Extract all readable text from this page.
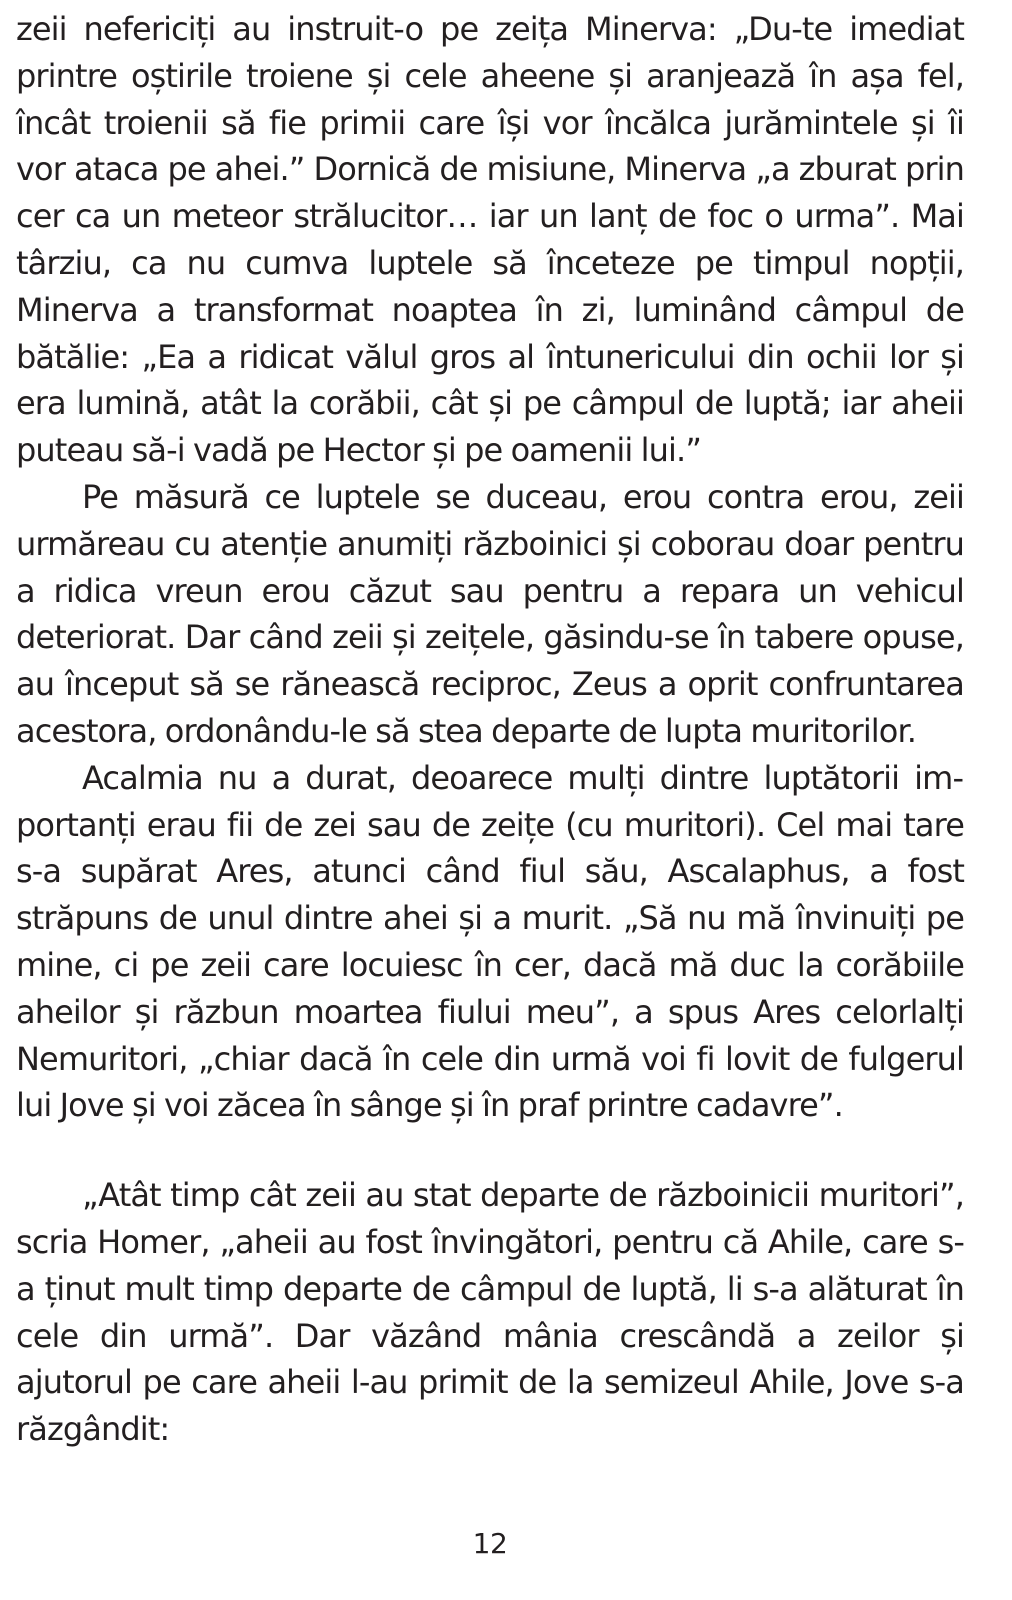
zeii nefericiți au instruit-o pe zeița Minerva: „Du-te imediat printre oștirile troiene și cele aheene și aranjează în așa fel, încât troienii să fie primii care își vor încălca jurămintele și îi vor ataca pe ahei.” Dornică de misiune, Minerva „a zburat prin cer ca un meteor strălucitor… iar un lanț de foc o urma”. Mai târziu, ca nu cumva luptele să înceteze pe timpul nopții, Minerva a transformat noaptea în zi, luminând câmpul de bătălie: „Ea a ridicat vălul gros al întunericului din ochii lor și era lumină, atât la corăbii, cât și pe câmpul de luptă; iar aheii puteau să-i vadă pe Hector și pe oamenii lui.”

Pe măsură ce luptele se duceau, erou contra erou, zeii urmăreau cu atenție anumiți războinici și coborau doar pentru a ridica vreun erou căzut sau pentru a repara un vehicul deteriorat. Dar când zeii și zeițele, găsindu-se în tabere opuse, au început să se rănească reciproc, Zeus a oprit confruntarea acestora, ordonându-le să stea departe de lupta muritorilor.

Acalmia nu a durat, deoarece mulți dintre luptătorii importanți erau fii de zei sau de zeițe (cu muritori). Cel mai tare s-a supărat Ares, atunci când fiul său, Ascalaphus, a fost străpuns de unul dintre ahei și a murit. „Să nu mă învinuiți pe mine, ci pe zeii care locuiesc în cer, dacă mă duc la corăbiile aheilor și răzbun moartea fiului meu”, a spus Ares celorlalți Nemuritori, „chiar dacă în cele din urmă voi fi lovit de fulgerul lui Jove și voi zăcea în sânge și în praf printre cadavre”.

„Atât timp cât zeii au stat departe de războinicii muritori”, scria Homer, „aheii au fost învingători, pentru că Ahile, care s-a ținut mult timp departe de câmpul de luptă, li s-a alăturat în cele din urmă”. Dar văzând mânia crescândă a zeilor și ajutorul pe care aheii l-au primit de la semizeul Ahile, Jove s-a răzgândit:

12
